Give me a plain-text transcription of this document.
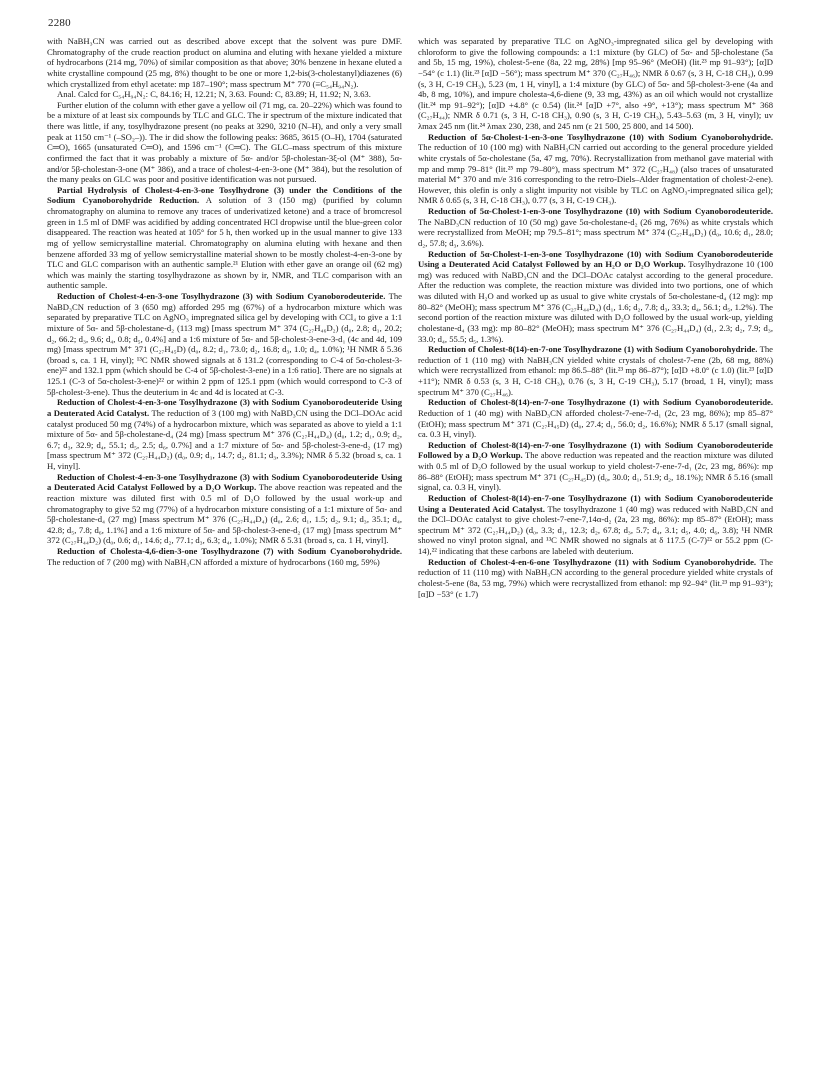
2280

with NaBH₃CN was carried out as described above except that the solvent was pure DMF. Chromatography of the crude reaction product on alumina and eluting with hexane yielded a mixture of hydrocarbons (214 mg, 70%) of similar composition as that above; 30% benzene in hexane eluted a white crystalline compound (25 mg, 8%) thought to be one or more 1,2-bis(3-cholestanyl)diazenes (6) which crystallized from ethyl acetate: mp 187–190°; mass spectrum M⁺ 770 (≡C₅₄H₉₄N₂).

Anal. Calcd for C₅₄H₉₄N₂: C, 84.16; H, 12.21; N, 3.63. Found: C, 83.89; H, 11.92; N, 3.63.

Further elution of the column with ether gave a yellow oil (71 mg, ca. 20–22%) which was found to be a mixture of at least six compounds by TLC and GLC. The ir spectrum of the mixture indicated that there was little, if any, tosylhydrazone present (no peaks at 3290, 3210 (N–H), and only a very small peak at 1150 cm⁻¹ (–SO₂–)). The ir did show the following peaks: 3685, 3615 (O–H), 1704 (saturated C═O), 1665 (unsaturated C═O), and 1596 cm⁻¹ (C═C). The GLC–mass spectrum of this mixture confirmed the fact that it was probably a mixture of 5α- and/or 5β-cholestan-3ξ-ol (M⁺ 388), 5α- and/or 5β-cholestan-3-one (M⁺ 386), and a trace of cholest-4-en-3-one (M⁺ 384), but the resolution of the many peaks on GLC was poor and positive identification was not pursued.

Partial Hydrolysis of Cholest-4-en-3-one Tosylhydrone (3) under the Conditions of the Sodium Cyanoborohydride Reduction. A solution of 3 (150 mg) (purified by column chromatography on alumina to remove any traces of underivatized ketone) and a trace of bromcresol green in 1.5 ml of DMF was acidified by adding concentrated HCl dropwise until the blue-green color disappeared. The reaction was heated at 105° for 5 h, then worked up in the usual manner to give 133 mg of yellow semicrystalline material. Chromatography on alumina eluting with hexane and then benzene afforded 33 mg of yellow semicrystalline material shown to be mostly cholest-4-en-3-one by TLC and GLC comparison with an authentic sample.²¹ Elution with ether gave an orange oil (62 mg) which was mainly the starting tosylhydrazone as shown by ir, NMR, and TLC comparison with an authentic sample.

Reduction of Cholest-4-en-3-one Tosylhydrazone (3) with Sodium Cyanoborodeuteride. The NaBD₃CN reduction of 3 (650 mg) afforded 295 mg (67%) of a hydrocarbon mixture which was separated by preparative TLC on AgNO₃ impregnated silica gel by developing with CCl₄ to give a 1:1 mixture of 5α- and 5β-cholestane-d₂ (113 mg) [mass spectrum M⁺ 374 (C₂₇H₄₆D₂) (d₀, 2.8; d₁, 20.2; d₂, 66.2; d₃, 9.6; d₄, 0.8; d₅, 0.4%] and a 1:6 mixture of 5α- and 5β-cholest-3-ene-3-d₁ (4c and 4d, 109 mg) [mass spectrum M⁺ 371 (C₂₇H₄₅D) (d₀, 8.2; d₁, 73.0; d₂, 16.8; d₃, 1.0; d₄, 1.0%); ¹H NMR δ 5.36 (broad s, ca. 1 H, vinyl); ¹³C NMR showed signals at δ 131.2 (corresponding to C-4 of 5α-cholest-3-ene)²² and 132.1 ppm (which should be C-4 of 5β-cholest-3-ene) in a 1:6 ratio]. There are no signals at 125.1 (C-3 of 5α-cholest-3-ene)²² or within 2 ppm of 125.1 ppm (which would correspond to C-3 of 5β-cholest-3-ene). Thus the deuterium in 4c and 4d is located at C-3.

Reduction of Cholest-4-en-3-one Tosylhydrazone (3) with Sodium Cyanoborodeuteride Using a Deuterated Acid Catalyst. The reduction of 3 (100 mg) with NaBD₃CN using the DCl–DOAc acid catalyst produced 50 mg (74%) of a hydrocarbon mixture, which was separated as above to yield a 1:1 mixture of 5α- and 5β-cholestane-d₄ (24 mg) [mass spectrum M⁺ 376 (C₂₇H₄₄D₄) (d₀, 1.2; d₁, 0.9; d₂, 6.7; d₃, 32.9; d₄, 55.1; d₅, 2.5; d₆, 0.7%] and a 1:7 mixture of 5α- and 5β-cholest-3-ene-d₂ (17 mg) [mass spectrum M⁺ 372 (C₂₇H₄₄D₂) (d₀, 0.9; d₁, 14.7; d₂, 81.1; d₃, 3.3%); NMR δ 5.32 (broad s, ca. 1 H, vinyl].

Reduction of Cholest-4-en-3-one Tosylhydrazone (3) with Sodium Cyanoborodeuteride Using a Deuterated Acid Catalyst Followed by a D₂O Workup. The above reaction was repeated and the reaction mixture was diluted first with 0.5 ml of D₂O followed by the usual work-up and chromatography to give 52 mg (77%) of a hydrocarbon mixture consisting of a 1:1 mixture of 5α- and 5β-cholestane-d₄ (27 mg) [mass spectrum M⁺ 376 (C₂₇H₄₄D₄) (d₀, 2.6; d₁, 1.5; d₂, 9.1; d₃, 35.1; d₄, 42.8; d₅, 7.8; d₆, 1.1%] and a 1:6 mixture of 5α- and 5β-cholest-3-ene-d₂ (17 mg) [mass spectrum M⁺ 372 (C₂₇H₄₄D₂) (d₀, 0.6; d₁, 14.6; d₂, 77.1; d₃, 6.3; d₄, 1.0%); NMR δ 5.31 (broad s, ca. 1 H, vinyl].

Reduction of Cholesta-4,6-dien-3-one Tosylhydrazone (7) with Sodium Cyanoborohydride. The reduction of 7 (200 mg) with NaBH₃CN afforded a mixture of hydrocarbons (160 mg, 59%)

which was separated by preparative TLC on AgNO₃-impregnated silica gel by developing with chloroform to give the following compounds: a 1:1 mixture (by GLC) of 5α- and 5β-cholestane (5a and 5b, 15 mg, 19%), cholest-5-ene (8a, 22 mg, 28%) [mp 95–96° (MeOH) (lit.²³ mp 91–93°); [α]D −54° (c 1.1) (lit.²³ [α]D −56°); mass spectrum M⁺ 370 (C₂₇H₄₆); NMR δ 0.67 (s, 3 H, C-18 CH₃), 0.99 (s, 3 H, C-19 CH₃), 5.23 (m, 1 H, vinyl], a 1:4 mixture (by GLC) of 5α- and 5β-cholest-3-ene (4a and 4b, 8 mg, 10%), and impure cholesta-4,6-diene (9, 33 mg, 43%) as an oil which would not crystallize (lit.²⁴ mp 91–92°); [α]D +4.8° (c 0.54) (lit.²⁴ [α]D +7°, also +9°, +13°); mass spectrum M⁺ 368 (C₂₇H₄₄); NMR δ 0.71 (s, 3 H, C-18 CH₃), 0.90 (s, 3 H, C-19 CH₃), 5.43–5.63 (m, 3 H, vinyl); uv λmax 245 nm (lit.²⁴ λmax 230, 238, and 245 nm (ε 21 500, 25 800, and 14 500).

Reduction of 5α-Cholest-1-en-3-one Tosylhydrazone (10) with Sodium Cyanoborohydride. The reduction of 10 (100 mg) with NaBH₃CN carried out according to the general procedure yielded white crystals of 5α-cholestane (5a, 47 mg, 70%). Recrystallization from methanol gave material with mp and mmp 79–81° (lit.²⁵ mp 79–80°), mass spectrum M⁺ 372 (C₂₇H₄₈) (also traces of unsaturated material M⁺ 370 and m/e 316 corresponding to the retro-Diels–Alder fragmentation of cholest-2-ene). However, this olefin is only a slight impurity not visible by TLC on AgNO₃-impregnated silica gel); NMR δ 0.65 (s, 3 H, C-18 CH₃), 0.77 (s, 3 H, C-19 CH₃).

Reduction of 5α-Cholest-1-en-3-one Tosylhydrazone (10) with Sodium Cyanoborodeuteride. The NaBD₃CN reduction of 10 (50 mg) gave 5α-cholestane-d₂ (26 mg, 76%) as white crystals which were recrystallized from MeOH; mp 79.5–81°; mass spectrum M⁺ 374 (C₂₇H₄₆D₂) (d₀, 10.6; d₁, 28.0; d₂, 57.8; d₃, 3.6%).

Reduction of 5α-Cholest-1-en-3-one Tosylhydrazone (10) with Sodium Cyanoborodeuteride Using a Deuterated Acid Catalyst Followed by an H₂O or D₂O Workup. Tosylhydrazone 10 (100 mg) was reduced with NaBD₃CN and the DCl–DOAc catalyst according to the general procedure. After the reduction was complete, the reaction mixture was divided into two portions, one of which was diluted with H₂O and worked up as usual to give white crystals of 5α-cholestane-d₄ (12 mg): mp 80–82° (MeOH); mass spectrum M⁺ 376 (C₂₇H₄₄D₄) (d₁, 1.6; d₂, 7.8; d₃, 33.3; d₄, 56.1; d₅, 1.2%). The second portion of the reaction mixture was diluted with D₂O followed by the usual work-up, yielding cholestane-d₄ (33 mg): mp 80–82° (MeOH); mass spectrum M⁺ 376 (C₂₇H₄₄D₄) (d₁, 2.3; d₂, 7.9; d₃, 33.0; d₄, 55.5; d₅, 1.3%).

Reduction of Cholest-8(14)-en-7-one Tosylhydrazone (1) with Sodium Cyanoborohydride. The reduction of 1 (110 mg) with NaBH₃CN yielded white crystals of cholest-7-ene (2b, 68 mg, 88%) which were recrystallized from ethanol: mp 86.5–88° (lit.²³ mp 86–87°); [α]D +8.0° (c 1.0) (lit.²³ [α]D +11°); NMR δ 0.53 (s, 3 H, C-18 CH₃), 0.76 (s, 3 H, C-19 CH₃), 5.17 (broad, 1 H, vinyl); mass spectrum M⁺ 370 (C₂₇H₄₆).

Reduction of Cholest-8(14)-en-7-one Tosylhydrazone (1) with Sodium Cyanoborodeuteride. Reduction of 1 (40 mg) with NaBD₃CN afforded cholest-7-ene-7-d₁ (2c, 23 mg, 86%); mp 85–87° (EtOH); mass spectrum M⁺ 371 (C₂₇H₄₅D) (d₀, 27.4; d₁, 56.0; d₂, 16.6%); NMR δ 5.17 (small signal, ca. 0.3 H, vinyl).

Reduction of Cholest-8(14)-en-7-one Tosylhydrazone (1) with Sodium Cyanoborodeuteride Followed by a D₂O Workup. The above reduction was repeated and the reaction mixture was diluted with 0.5 ml of D₂O followed by the usual workup to yield cholest-7-ene-7-d₁ (2c, 23 mg, 86%): mp 86–88° (EtOH); mass spectrum M⁺ 371 (C₂₇H₄₅D) (d₀, 30.0; d₁, 51.9; d₂, 18.1%); NMR δ 5.16 (small signal, ca. 0.3 H, vinyl).

Reduction of Cholest-8(14)-en-7-one Tosylhydrazone (1) with Sodium Cyanoborodeuteride Using a Deuterated Acid Catalyst. The tosylhydrazone 1 (40 mg) was reduced with NaBD₃CN and the DCl–DOAc catalyst to give cholest-7-ene-7,14α-d₂ (2a, 23 mg, 86%): mp 85–87° (EtOH); mass spectrum M⁺ 372 (C₂₇H₄₄D₂) (d₀, 3.3; d₁, 12.3; d₂, 67.8; d₃, 5.7; d₄, 3.1; d₅, 4.0; d₆, 3.8); ¹H NMR showed no vinyl proton signal, and ¹³C NMR showed no signals at δ 117.5 (C-7)²² or 55.2 ppm (C-14),²² indicating that these carbons are labeled with deuterium.

Reduction of Cholest-4-en-6-one Tosylhydrazone (11) with Sodium Cyanoborohydride. The reduction of 11 (110 mg) with NaBH₃CN according to the general procedure yielded white crystals of cholest-5-ene (8a, 53 mg, 79%) which were recrystallized from ethanol: mp 92–94° (lit.²³ mp 91–93°); [α]D −53° (c 1.7)
